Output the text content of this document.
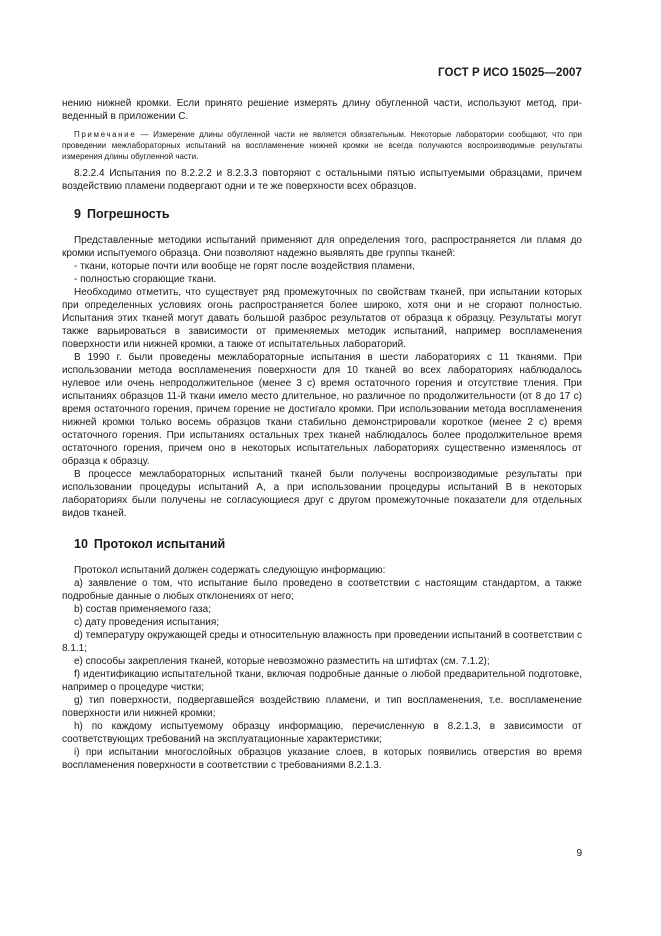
ГОСТ Р ИСО 15025—2007

нению нижней кромки. Если принято решение измерять длину обугленной части, используют метод, приведенный в приложении С.

Примечание — Измерение длины обугленной части не является обязательным. Некоторые лаборатории сообщают, что при проведении межлабораторных испытаний на воспламенение нижней кромки не всегда получаются воспроизводимые результаты измерения длины обугленной части.

8.2.2.4 Испытания по 8.2.2.2 и 8.2.3.3 повторяют с остальными пятью испытуемыми образцами, причем воздействию пламени подвергают одни и те же поверхности всех образцов.

9 Погрешность

Представленные методики испытаний применяют для определения того, распространяется ли пламя до кромки испытуемого образца. Они позволяют надежно выявлять две группы тканей:

- ткани, которые почти или вообще не горят после воздействия пламени,

- полностью сгорающие ткани.

Необходимо отметить, что существует ряд промежуточных по свойствам тканей, при испытании которых при определенных условиях огонь распространяется более широко, хотя они и не сгорают полностью. Испытания этих тканей могут давать большой разброс результатов от образца к образцу. Результаты могут также варьироваться в зависимости от применяемых методик испытаний, например воспламенения поверхности или нижней кромки, а также от испытательных лабораторий.

В 1990 г. были проведены межлабораторные испытания в шести лабораториях с 11 тканями. При использовании метода воспламенения поверхности для 10 тканей во всех лабораториях наблюдалось нулевое или очень непродолжительное (менее 3 с) время остаточного горения и отсутствие тления. При испытаниях образцов 11-й ткани имело место длительное, но различное по продолжительности (от 8 до 17 с) время остаточного горения, причем горение не достигало кромки. При использовании метода воспламенения нижней кромки только восемь образцов ткани стабильно демонстрировали короткое (менее 2 с) время остаточного горения. При испытаниях остальных трех тканей наблюдалось более продолжительное время остаточного горения, причем оно в некоторых испытательных лабораториях существенно изменялось от образца к образцу.

В процессе межлабораторных испытаний тканей были получены воспроизводимые результаты при использовании процедуры испытаний А, а при использовании процедуры испытаний В в некоторых лабораториях были получены не согласующиеся друг с другом промежуточные показатели для отдельных видов тканей.

10 Протокол испытаний

Протокол испытаний должен содержать следующую информацию:

а) заявление о том, что испытание было проведено в соответствии с настоящим стандартом, а также подробные данные о любых отклонениях от него;

b) состав применяемого газа;

c) дату проведения испытания;

d) температуру окружающей среды и относительную влажность при проведении испытаний в соответствии с 8.1.1;

e) способы закрепления тканей, которые невозможно разместить на штифтах (см. 7.1.2);

f) идентификацию испытательной ткани, включая подробные данные о любой предварительной подготовке, например о процедуре чистки;

g) тип поверхности, подвергавшейся воздействию пламени, и тип воспламенения, т.е. воспламенение поверхности или нижней кромки;

h) по каждому испытуемому образцу информацию, перечисленную в 8.2.1.3, в зависимости от соответствующих требований на эксплуатационные характеристики;

i) при испытании многослойных образцов указание слоев, в которых появились отверстия во время воспламенения поверхности в соответствии с требованиями 8.2.1.3.

9
